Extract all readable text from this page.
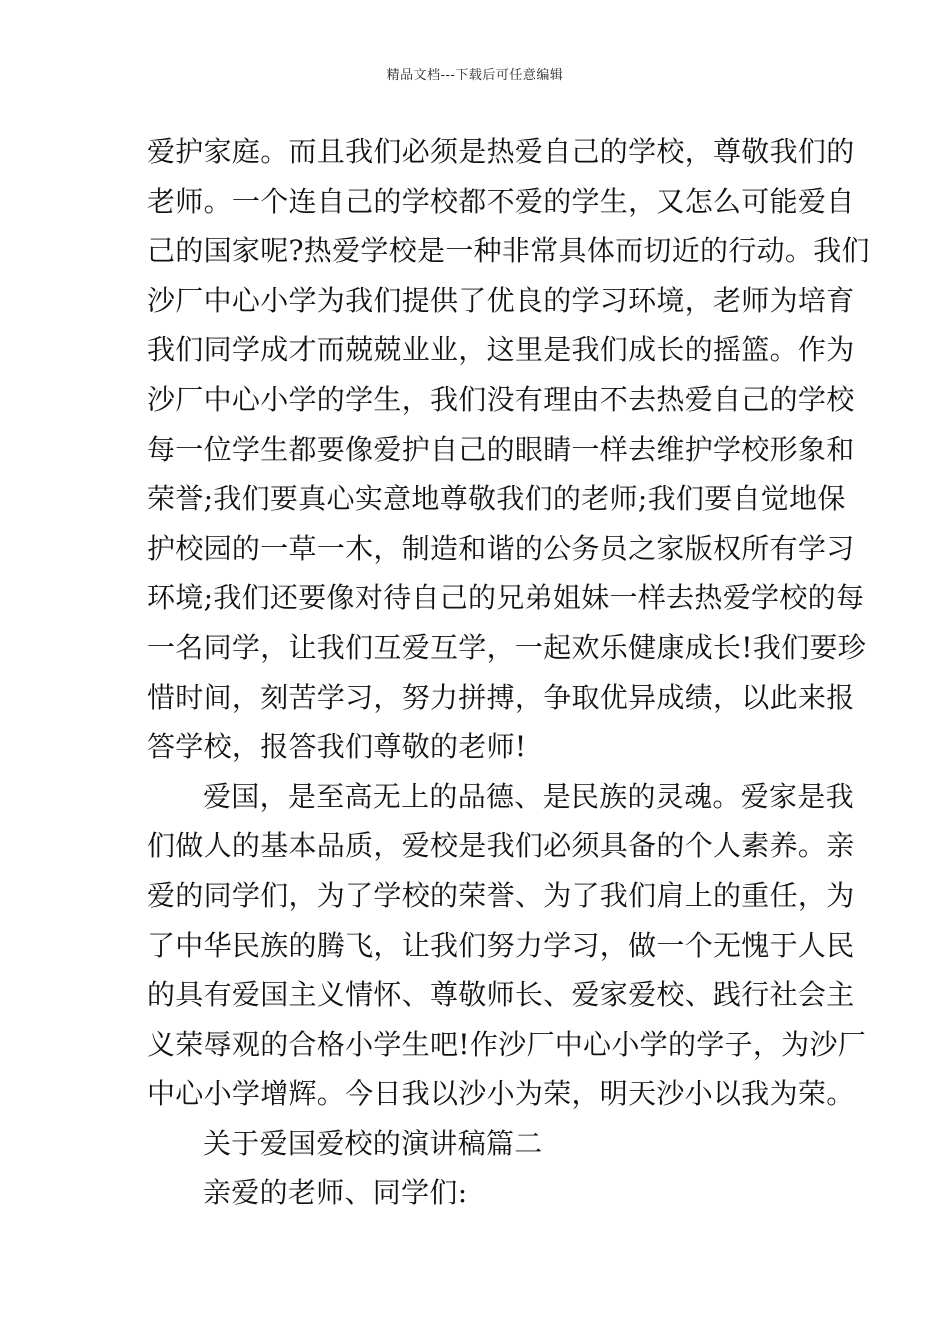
精品文档---下载后可任意编辑
爱护家庭。而且我们必须是热爱自己的学校，尊敬我们的
老师。一个连自己的学校都不爱的学生，又怎么可能爱自
己的国家呢?热爱学校是一种非常具体而切近的行动。我们
沙厂中心小学为我们提供了优良的学习环境，老师为培育
我们同学成才而兢兢业业，这里是我们成长的摇篮。作为
沙厂中心小学的学生，我们没有理由不去热爱自己的学校
每一位学生都要像爱护自己的眼睛一样去维护学校形象和
荣誉;我们要真心实意地尊敬我们的老师;我们要自觉地保
护校园的一草一木，制造和谐的公务员之家版权所有学习
环境;我们还要像对待自己的兄弟姐妹一样去热爱学校的每
一名同学，让我们互爱互学，一起欢乐健康成长!我们要珍
惜时间，刻苦学习，努力拼搏，争取优异成绩，以此来报
答学校，报答我们尊敬的老师!
爱国，是至高无上的品德、是民族的灵魂。爱家是我
们做人的基本品质，爱校是我们必须具备的个人素养。亲
爱的同学们，为了学校的荣誉、为了我们肩上的重任，为
了中华民族的腾飞，让我们努力学习，做一个无愧于人民
的具有爱国主义情怀、尊敬师长、爱家爱校、践行社会主
义荣辱观的合格小学生吧!作沙厂中心小学的学子，为沙厂
中心小学增辉。今日我以沙小为荣，明天沙小以我为荣。
关于爱国爱校的演讲稿篇二
亲爱的老师、同学们:
